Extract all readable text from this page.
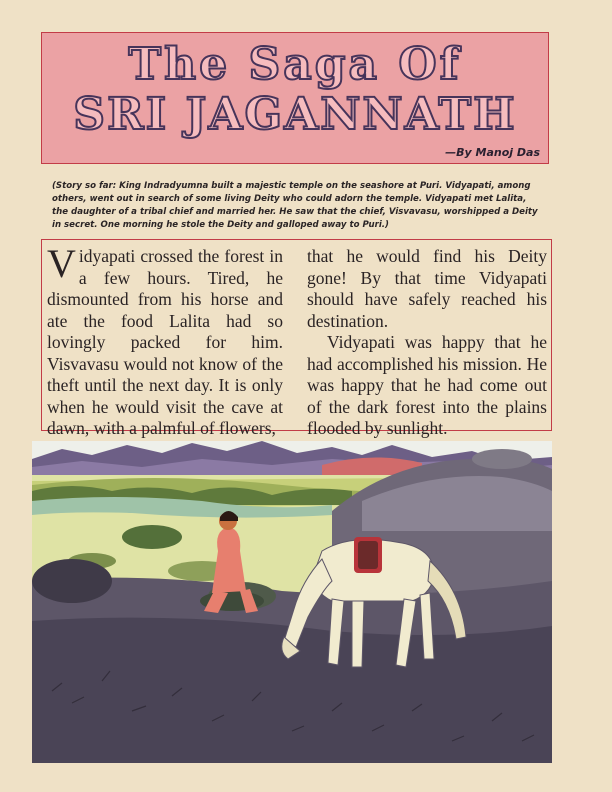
The Saga Of
SRI JAGANNATH
—By Manoj Das
(Story so far: King Indradyumna built a majestic temple on the seashore at Puri. Vidyapati, among others, went out in search of some living Deity who could adorn the temple. Vidyapati met Lalita, the daughter of a tribal chief and married her. He saw that the chief, Visvavasu, worshipped a Deity in secret. One morning he stole the Deity and galloped away to Puri.)
Vidyapati crossed the forest in a few hours. Tired, he dismounted from his horse and ate the food Lalita had so lovingly packed for him. Visvavasu would not know of the theft until the next day. It is only when he would visit the cave at dawn, with a palmful of flowers,
that he would find his Deity gone! By that time Vidyapati should have safely reached his destination.
Vidyapati was happy that he had accomplished his mission. He was happy that he had come out of the dark forest into the plains flooded by sunlight.
